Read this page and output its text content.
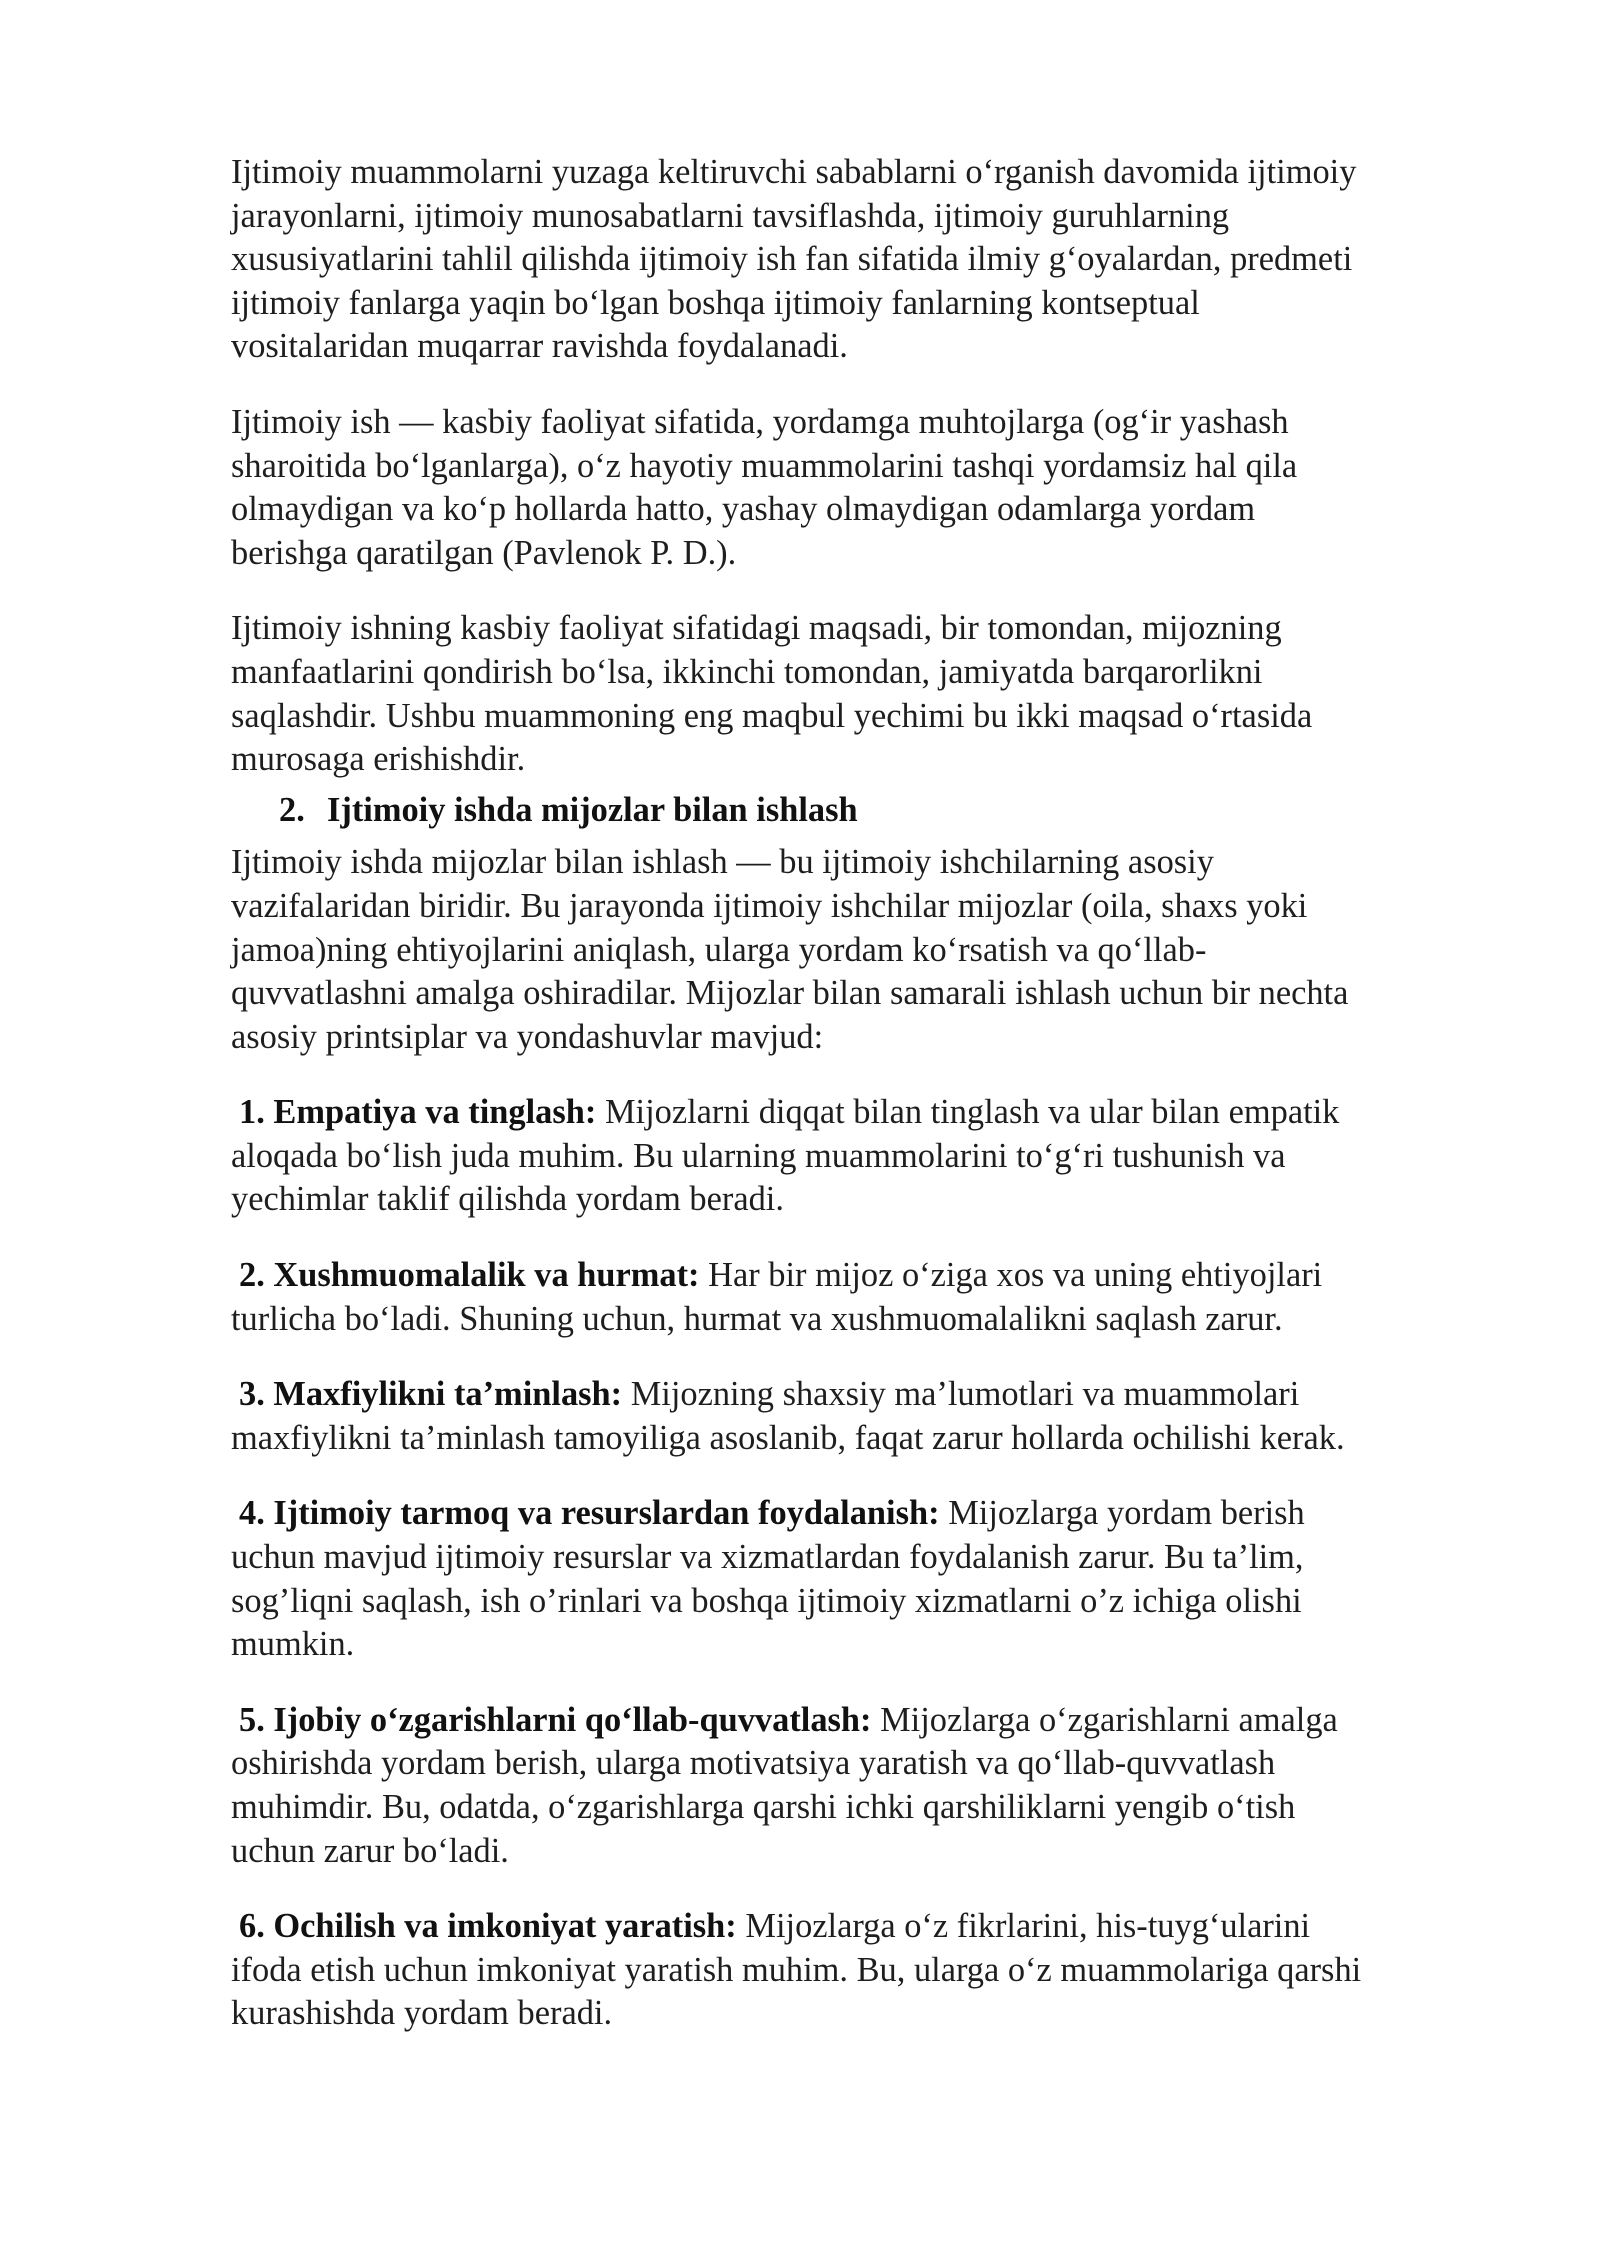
Ijtimoiy muammolarni yuzaga keltiruvchi sabablarni o‘rganish davomida ijtimoiy
jarayonlarni, ijtimoiy munosabatlarni tavsiflashda, ijtimoiy guruhlarning
xususiyatlarini tahlil qilishda ijtimoiy ish fan sifatida ilmiy g‘oyalardan, predmeti
ijtimoiy fanlarga yaqin bo‘lgan boshqa ijtimoiy fanlarning kontseptual
vositalaridan muqarrar ravishda foydalanadi.

Ijtimoiy ish — kasbiy faoliyat sifatida, yordamga muhtojlarga (og‘ir yashash
sharoitida bo‘lganlarga), o‘z hayotiy muammolarini tashqi yordamsiz hal qila
olmaydigan va ko‘p hollarda hatto, yashay olmaydigan odamlarga yordam
berishga qaratilgan (Pavlenok P. D.).

Ijtimoiy ishning kasbiy faoliyat sifatidagi maqsadi, bir tomondan, mijozning
manfaatlarini qondirish bo‘lsa, ikkinchi tomondan, jamiyatda barqarorlikni
saqlashdir. Ushbu muammoning eng maqbul yechimi bu ikki maqsad o‘rtasida
murosaga erishishdir.

2. Ijtimoiy ishda mijozlar bilan ishlash

Ijtimoiy ishda mijozlar bilan ishlash — bu ijtimoiy ishchilarning asosiy
vazifalaridan biridir. Bu jarayonda ijtimoiy ishchilar mijozlar (oila, shaxs yoki
jamoa)ning ehtiyojlarini aniqlash, ularga yordam ko‘rsatish va qo‘llab-
quvvatlashni amalga oshiradilar. Mijozlar bilan samarali ishlash uchun bir nechta
asosiy printsiplar va yondashuvlar mavjud:

1. Empatiya va tinglash: Mijozlarni diqqat bilan tinglash va ular bilan empatik
aloqada bo‘lish juda muhim. Bu ularning muammolarini to‘g‘ri tushunish va
yechimlar taklif qilishda yordam beradi.

2. Xushmuomalalik va hurmat: Har bir mijoz o‘ziga xos va uning ehtiyojlari
turlicha bo‘ladi. Shuning uchun, hurmat va xushmuomalalikni saqlash zarur.

3. Maxfiylikni ta’minlash: Mijozning shaxsiy ma’lumotlari va muammolari
maxfiylikni ta’minlash tamoyiliga asoslanib, faqat zarur hollarda ochilishi kerak.

4. Ijtimoiy tarmoq va resurslardan foydalanish: Mijozlarga yordam berish
uchun mavjud ijtimoiy resurslar va xizmatlardan foydalanish zarur. Bu ta’lim,
sog’liqni saqlash, ish o’rinlari va boshqa ijtimoiy xizmatlarni o’z ichiga olishi
mumkin.

5. Ijobiy o‘zgarishlarni qo‘llab-quvvatlash: Mijozlarga o‘zgarishlarni amalga
oshirishda yordam berish, ularga motivatsiya yaratish va qo‘llab-quvvatlash
muhimdir. Bu, odatda, o‘zgarishlarga qarshi ichki qarshiliklarni yengib o‘tish
uchun zarur bo‘ladi.

6. Ochilish va imkoniyat yaratish: Mijozlarga o‘z fikrlarini, his-tuyg‘ularini
ifoda etish uchun imkoniyat yaratish muhim. Bu, ularga o‘z muammolariga qarshi
kurashishda yordam beradi.
